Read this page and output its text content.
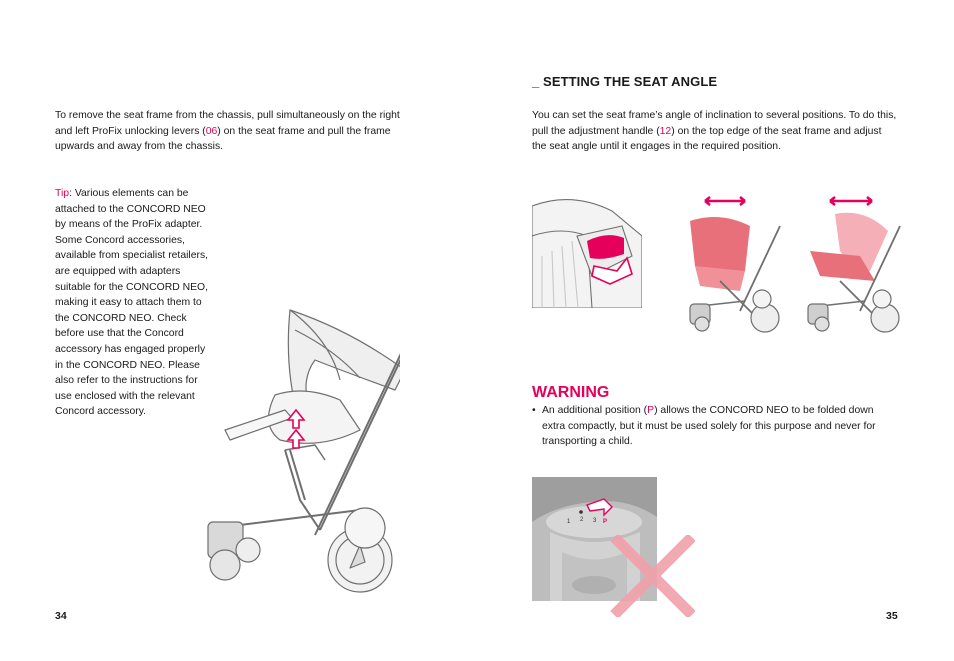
To remove the seat frame from the chassis, pull simultaneously on the right and left ProFix unlocking levers (06) on the seat frame and pull the frame upwards and away from the chassis.

Tip: Various elements can be attached to the CONCORD NEO by means of the ProFix adapter. Some Concord accessories, available from specialist retailers, are equipped with adapters suitable for the CONCORD NEO, making it easy to attach them to the CONCORD NEO. Check before use that the Concord accessory has engaged properly in the CONCORD NEO. Please also refer to the instructions for use enclosed with the relevant Concord accessory.

34
_ SETTING THE SEAT ANGLE

You can set the seat frame’s angle of inclination to several positions. To do this, pull the adjustment handle (12) on the top edge of the seat frame and adjust the seat angle until it engages in the required position.

WARNING
• An additional position (P) allows the CONCORD NEO to be folded down extra compactly, but it must be used solely for this purpose and never for transporting a child.
1 2 3 P
35
